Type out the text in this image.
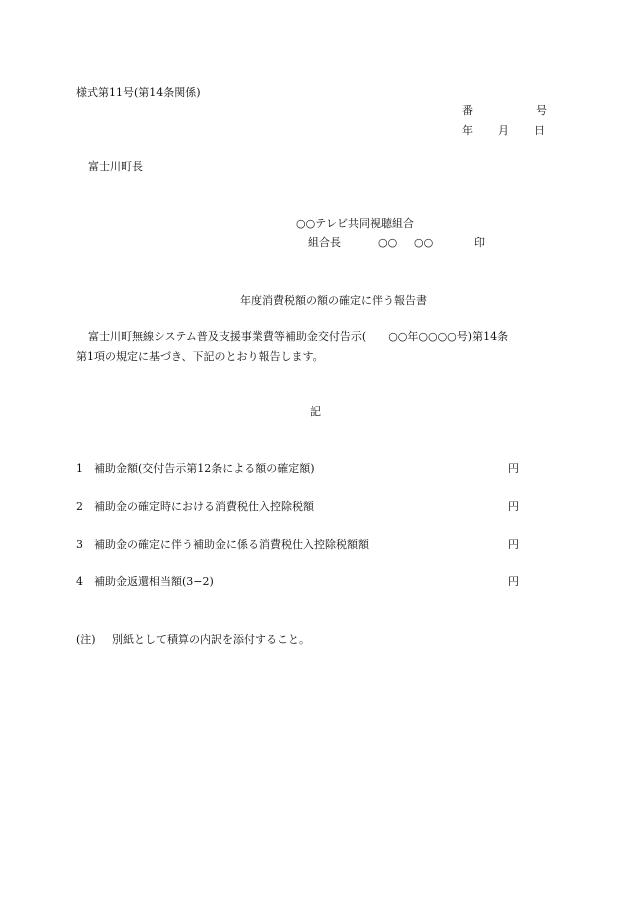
様式第11号(第14条関係)
番	号
年 月 日
富士川町長
○○テレビ共同視聴組合
組合長	○○ ○○	印
年度消費税額の額の確定に伴う報告書
富士川町無線システム普及支援事業費等補助金交付告示(　　○○年○○○○号)第14条
第1項の規定に基づき、下記のとおり報告します。
記
1 補助金額(交付告示第12条による額の確定額)	円
2 補助金の確定時における消費税仕入控除税額	円
3 補助金の確定に伴う補助金に係る消費税仕入控除税額額	円
4 補助金返還相当額(3−2)	円
(注) 別紙として積算の内訳を添付すること。
